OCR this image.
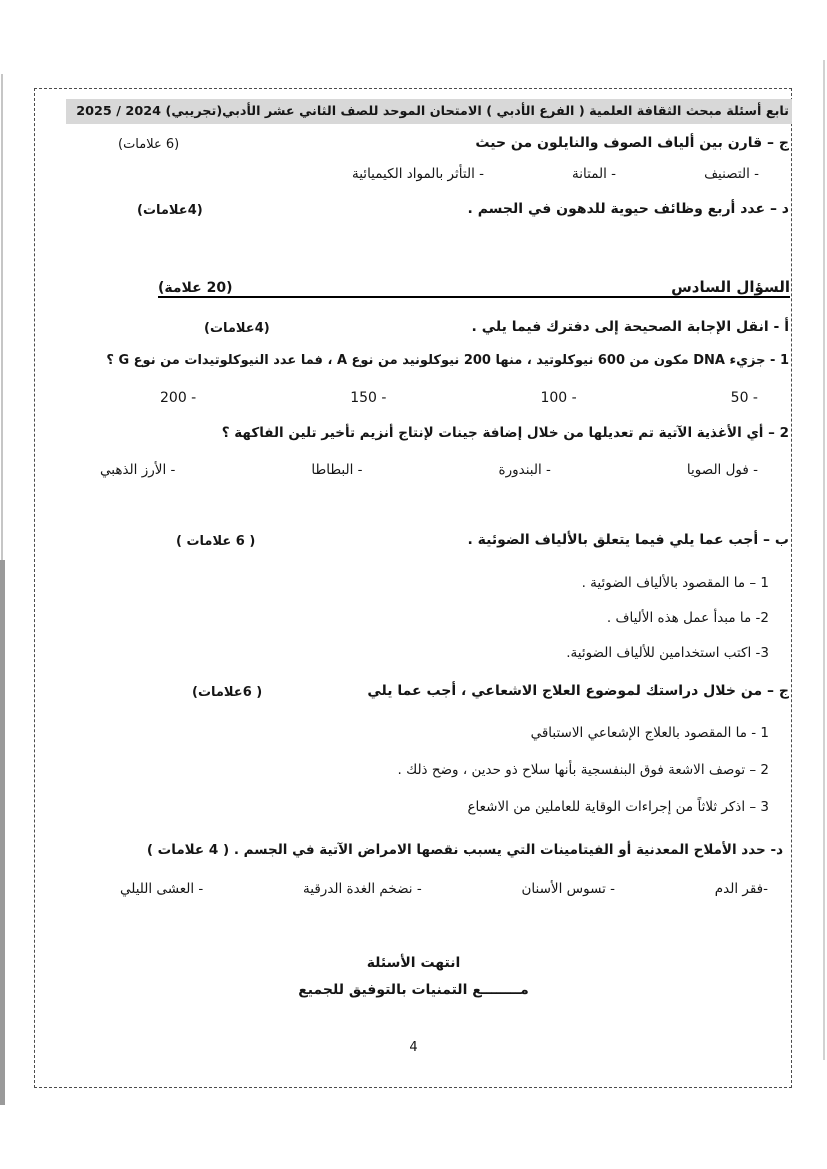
تابع أسئلة مبحث الثقافة العلمية ( الفرع الأدبي ) الامتحان الموحد للصف الثاني عشر الأدبي(تجريبي) 2024 / 2025
ج – قارن بين ألياف الصوف والنايلون من حيث
(6 علامات)
- التصنيف
- المتانة
- التأثر بالمواد الكيميائية
د – عدد أربع وظائف حيوية للدهون في الجسم .
(4علامات)
السؤال السادس
(20 علامة)
أ - انقل الإجابة الصحيحة إلى دفترك فيما يلي .
(4علامات)
1 - جزيء DNA مكون من 600 نيوكلوتيد ، منها 200 نيوكلونيد من نوع A ، فما عدد النيوكلوتيدات من نوع G ؟
- 50
- 100
- 150
- 200
2 – أي الأغذية الآتية تم تعديلها من خلال إضافة جينات لإنتاج أنزيم تأخير تلين الفاكهة ؟
- فول الصويا
- البندورة
- البطاطا
- الأرز الذهبي
ب – أجب عما يلي فيما يتعلق بالألياف الضوئية .
( 6 علامات )
1 – ما المقصود بالألياف الضوئية .
2- ما مبدأ عمل هذه الألياف .
3- اكتب استخدامين للألياف الضوئية.
ج – من خلال دراستك لموضوع العلاج الاشعاعي ، أجب عما يلي
( 6علامات)
1 - ما المقصود بالعلاج الإشعاعي الاستباقي
2 – توصف الاشعة فوق البنفسجية بأنها سلاح ذو حدين ، وضح ذلك .
3 – اذكر ثلاثاً من إجراءات الوقاية للعاملين من الاشعاع
د- حدد الأملاح المعدنية أو الفيتامينات التي يسبب نقصها الامراض الآتية في الجسم . ( 4 علامات )
-فقر الدم
- تسوس الأسنان
- نضخم الغدة الدرقية
- العشى الليلي
انتهت الأسئلة
مــــــــع التمنيات بالتوفيق للجميع
4
